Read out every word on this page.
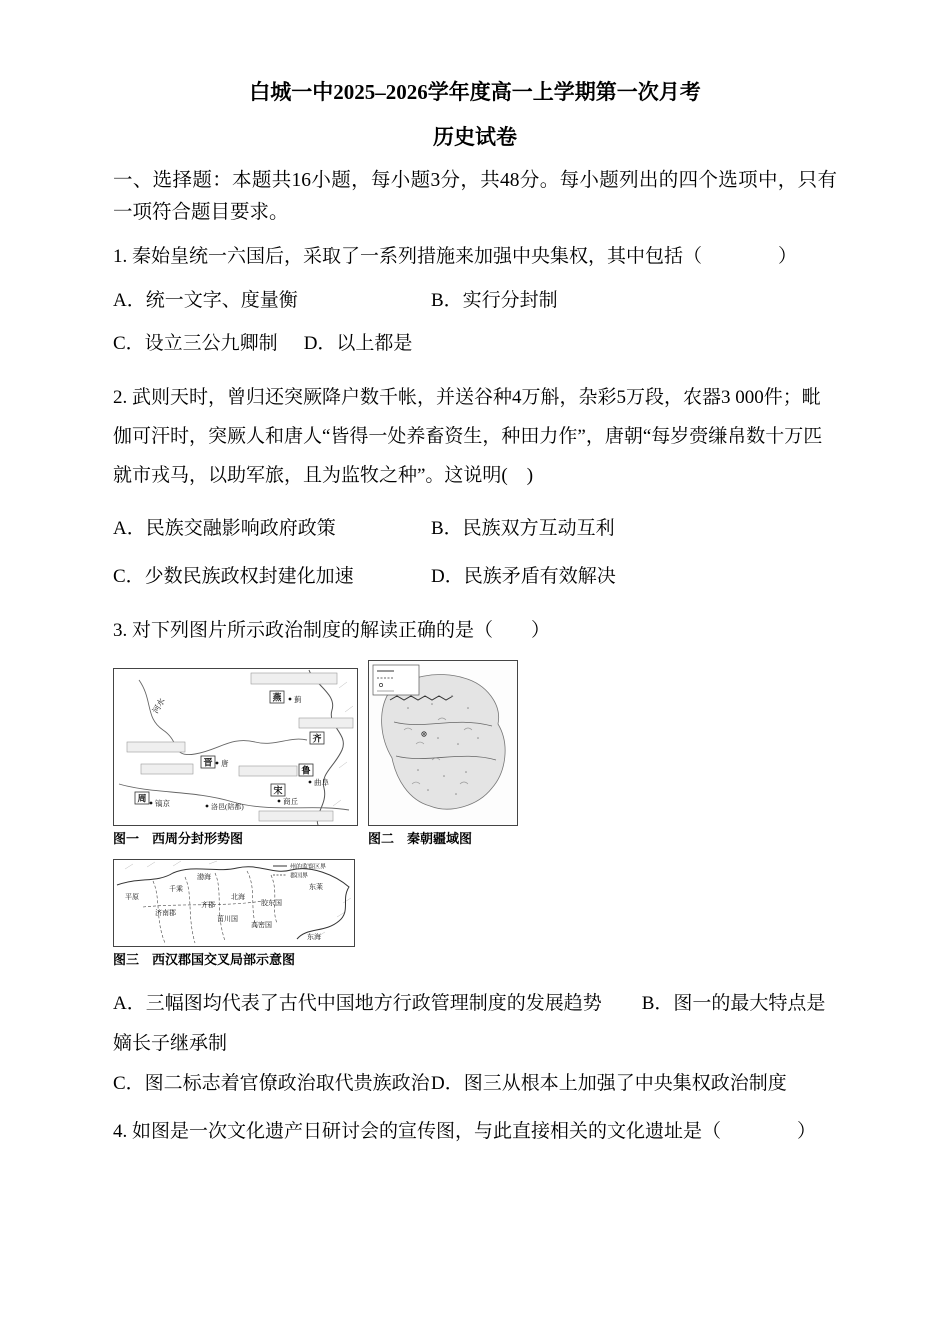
白城一中2025–2026学年度高一上学期第一次月考
历史试卷

一、选择题：本题共16小题，每小题3分，共48分。每小题列出的四个选项中，只有一项符合题目要求。

1. 秦始皇统一六国后，采取了一系列措施来加强中央集权，其中包括（　　　　）

A．统一文字、度量衡	B．实行分封制

C．设立三公九卿制 D．以上都是

2. 武则天时，曾归还突厥降户数千帐，并送谷种4万斛，杂彩5万段，农器3 000件；毗伽可汗时，突厥人和唐人“皆得一处养畜资生，种田力作”，唐朝“每岁赍缣帛数十万匹就市戎马，以助军旅，且为监牧之种”。这说明(　)

A．民族交融影响政府政策	B．民族双方互动互利

C．少数民族政权封建化加速	D．民族矛盾有效解决

3. 对下列图片所示政治制度的解读正确的是（　　）

燕 蓟
齐
鲁
曲阜
宋
商丘
晋 唐
周 镐京	洛邑(陪都)
河水
图一　西周分封形势图	图二　秦朝疆域图
州的监察区界
郡国界
渤海
平原
千乘
济南郡
齐郡
北海
胶东国
东莱
菑川国
高密国
东海
图三　西汉郡国交叉局部示意图

A．三幅图均代表了古代中国地方行政管理制度的发展趋势 B．图一的最大特点是嫡长子继承制

C．图二标志着官僚政治取代贵族政治D．图三从根本上加强了中央集权政治制度

4. 如图是一次文化遗产日研讨会的宣传图，与此直接相关的文化遗址是（　　　　）
